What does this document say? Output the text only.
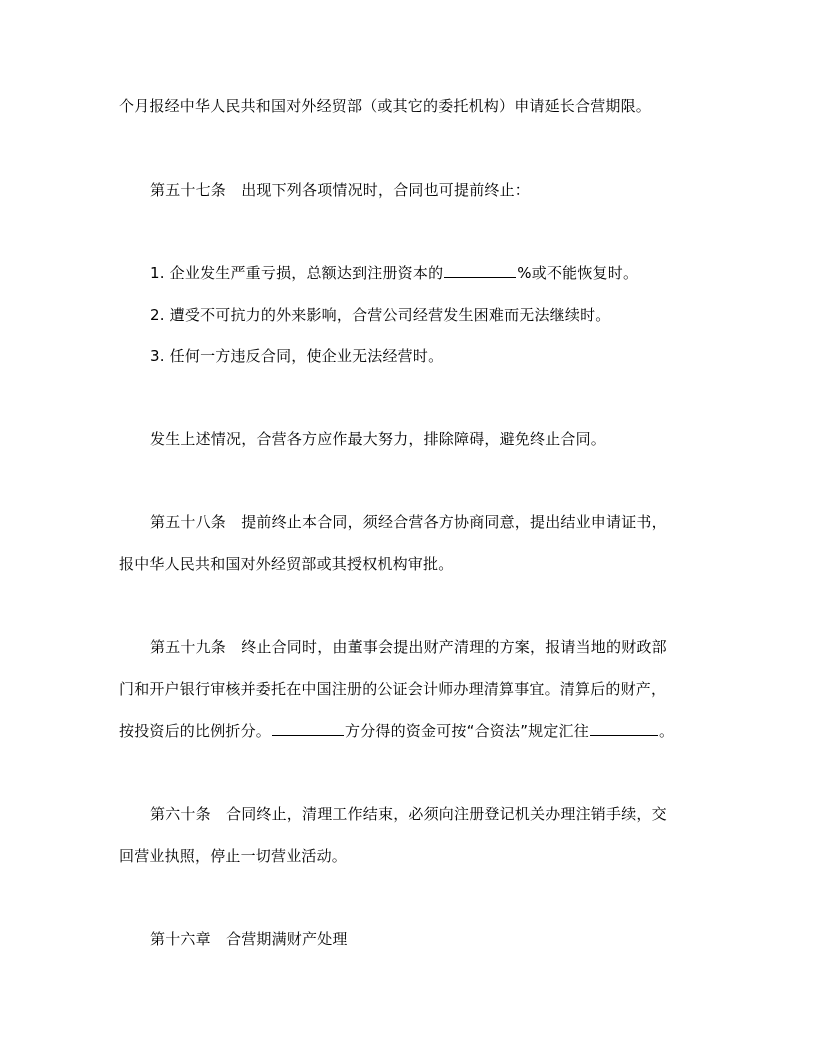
个月报经中华人民共和国对外经贸部（或其它的委托机构）申请延长合营期限。
第五十七条　出现下列各项情况时，合同也可提前终止：
1. 企业发生严重亏损，总额达到注册资本的	%或不能恢复时。
2. 遭受不可抗力的外来影响，合营公司经营发生困难而无法继续时。
3. 任何一方违反合同，使企业无法经营时。
发生上述情况，合营各方应作最大努力，排除障碍，避免终止合同。
第五十八条　提前终止本合同，须经合营各方协商同意，提出结业申请证书，
报中华人民共和国对外经贸部或其授权机构审批。
第五十九条　终止合同时，由董事会提出财产清理的方案，报请当地的财政部
门和开户银行审核并委托在中国注册的公证会计师办理清算事宜。清算后的财产，
按投资后的比例折分。	方分得的资金可按“合资法”规定汇往	。
第六十条　合同终止，清理工作结束，必须向注册登记机关办理注销手续，交
回营业执照，停止一切营业活动。
第十六章　合营期满财产处理
